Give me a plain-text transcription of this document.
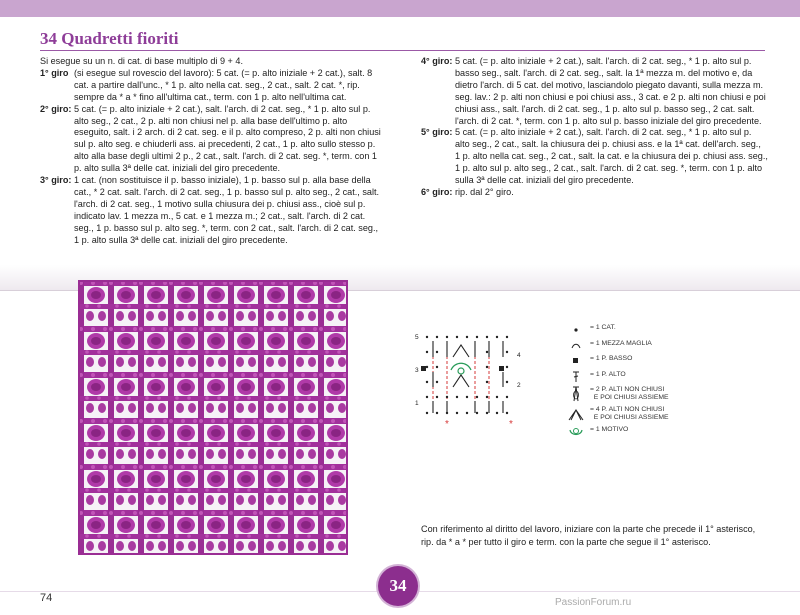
34 Quadretti fioriti
Si esegue su un n. di cat. di base multiplo di 9 + 4.
1° giro (si esegue sul rovescio del lavoro): 5 cat. (= p. alto iniziale + 2 cat.), salt. 8 cat. a partire dall'unc., * 1 p. alto nella cat. seg., 2 cat., salt. 2 cat. *, rip. sempre da * a * fino all'ultima cat., term. con 1 p. alto nell'ultima cat.
2° giro: 5 cat. (= p. alto iniziale + 2 cat.), salt. l'arch. di 2 cat. seg., * 1 p. alto sul p. alto seg., 2 cat., 2 p. alti non chiusi nel p. alla base dell'ultimo p. alto eseguito, salt. i 2 arch. di 2 cat. seg. e il p. alto compreso, 2 p. alti non chiusi sul p. alto seg. e chiuderli ass. ai precedenti, 2 cat., 1 p. alto sullo stesso p. alto alla base degli ultimi 2 p., 2 cat., salt. l'arch. di 2 cat. seg. *, term. con 1 p. alto sulla 3ª delle cat. iniziali del giro precedente.
3° giro: 1 cat. (non sostituisce il p. basso iniziale), 1 p. basso sul p. alla base della cat., * 2 cat. salt. l'arch. di 2 cat. seg., 1 p. basso sul p. alto seg., 2 cat., salt. l'arch. di 2 cat. seg., 1 motivo sulla chiusura dei p. chiusi ass., cioè sul p. indicato lav. 1 mezza m., 5 cat. e 1 mezza m.; 2 cat., salt. l'arch. di 2 cat. seg., 1 p. basso sul p. alto seg. *, term. con 2 cat., salt. l'arch. di 2 cat. seg., 1 p. alto sulla 3ª delle cat. iniziali del giro precedente.
4° giro: 5 cat. (= p. alto iniziale + 2 cat.), salt. l'arch. di 2 cat. seg., * 1 p. alto sul p. basso seg., salt. l'arch. di 2 cat. seg., salt. la 1ª mezza m. del motivo e, da dietro l'arch. di 5 cat. del motivo, lasciandolo piegato davanti, sulla mezza m. seg. lav.: 2 p. alti non chiusi e poi chiusi ass., 3 cat. e 2 p. alti non chiusi e poi chiusi ass., salt. l'arch. di 2 cat. seg., 1 p. alto sul p. basso seg., 2 cat. salt. l'arch. di 2 cat. *, term. con 1 p. alto sul p. basso iniziale del giro precedente.
5° giro: 5 cat. (= p. alto iniziale + 2 cat.), salt. l'arch. di 2 cat. seg., * 1 p. alto sul p. alto seg., 2 cat., salt. la chiusura dei p. chiusi ass. e la 1ª cat. dell'arch. seg., 1 p. alto nella cat. seg., 2 cat., salt. la cat. e la chiusura dei p. chiusi ass. seg., 1 p. alto sul p. alto seg., 2 cat., salt. l'arch. di 2 cat. seg. *, term. con 1 p. alto sulla 3ª delle cat. iniziali del giro precedente.
6° giro: rip. dal 2° giro.
*	*
5
4
3
2
1
= 1 CAT.
= 1 MEZZA MAGLIA
= 1 P. BASSO
= 1 P. ALTO
= 2 P. ALTI NON CHIUSI
E POI CHIUSI ASSIEME
= 4 P. ALTI NON CHIUSI
E POI CHIUSI ASSIEME
= 1 MOTIVO
Con riferimento al diritto del lavoro, iniziare con la parte che precede il 1° asterisco, rip. da * a * per tutto il giro e term. con la parte che segue il 1° asterisco.
74
34
PassionForum.ru
